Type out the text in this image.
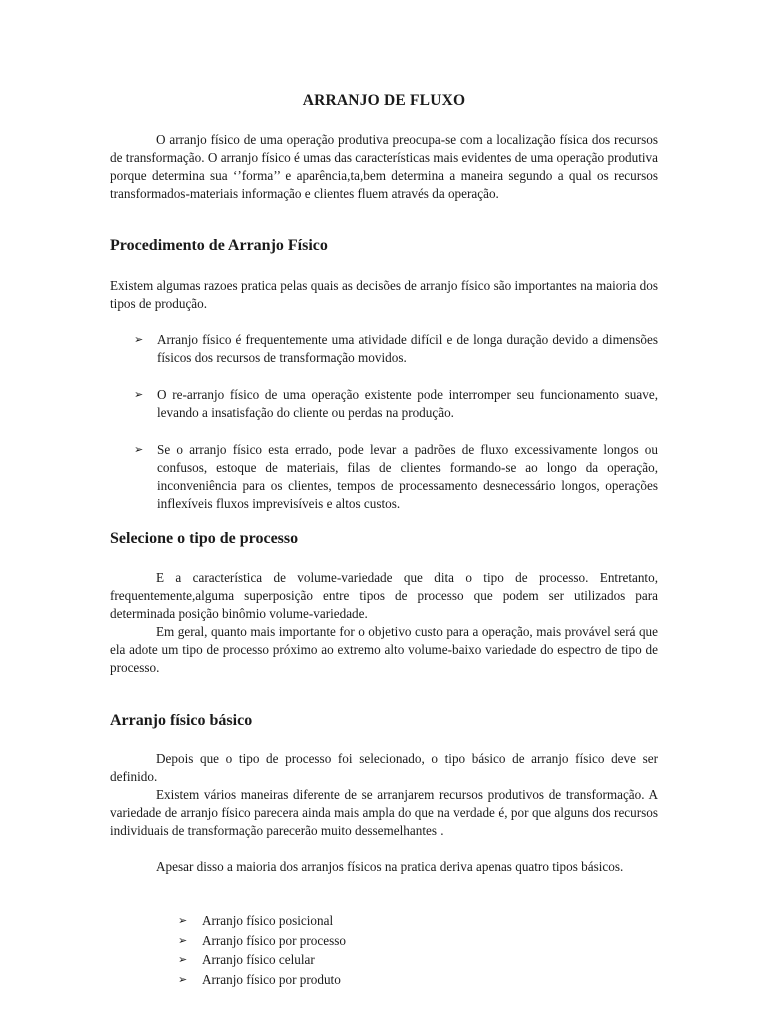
ARRANJO DE FLUXO

O arranjo físico de uma operação produtiva preocupa-se com a localização física dos recursos de transformação. O arranjo físico é umas das características mais evidentes de uma operação produtiva porque determina sua ‘’forma’’ e aparência,ta,bem determina a maneira segundo a qual os recursos transformados-materiais informação e clientes fluem através da operação.

Procedimento de Arranjo Físico

Existem algumas razoes pratica pelas quais as decisões de arranjo físico são importantes na maioria dos tipos de produção.

➢	Arranjo físico é frequentemente uma atividade difícil e de longa duração devido a dimensões físicos dos recursos de transformação movidos.
➢	O re-arranjo físico de uma operação existente pode interromper seu funcionamento suave, levando a insatisfação do cliente ou perdas na produção.
➢	Se o arranjo físico esta errado, pode levar a padrões de fluxo excessivamente longos ou confusos, estoque de materiais, filas de clientes formando-se ao longo da operação, inconveniência para os clientes, tempos de processamento desnecessário longos, operações inflexíveis fluxos imprevisíveis e altos custos.
Selecione o tipo de processo

E a característica de volume-variedade que dita o tipo de processo. Entretanto, frequentemente,alguma superposição entre tipos de processo que podem ser utilizados para determinada posição binômio volume-variedade.

Em geral, quanto mais importante for o objetivo custo para a operação, mais provável será que ela adote um tipo de processo próximo ao extremo alto volume-baixo variedade do espectro de tipo de processo.

Arranjo físico básico

Depois que o tipo de processo foi selecionado, o tipo básico de arranjo físico deve ser definido.

Existem vários maneiras diferente de se arranjarem recursos produtivos de transformação. A variedade de arranjo físico parecera ainda mais ampla do que na verdade é, por que alguns dos recursos individuais de transformação parecerão muito dessemelhantes .

Apesar disso a maioria dos arranjos físicos na pratica deriva apenas quatro tipos básicos.

➢	Arranjo físico posicional
➢	Arranjo físico por processo
➢	Arranjo físico celular
➢	Arranjo físico por produto
